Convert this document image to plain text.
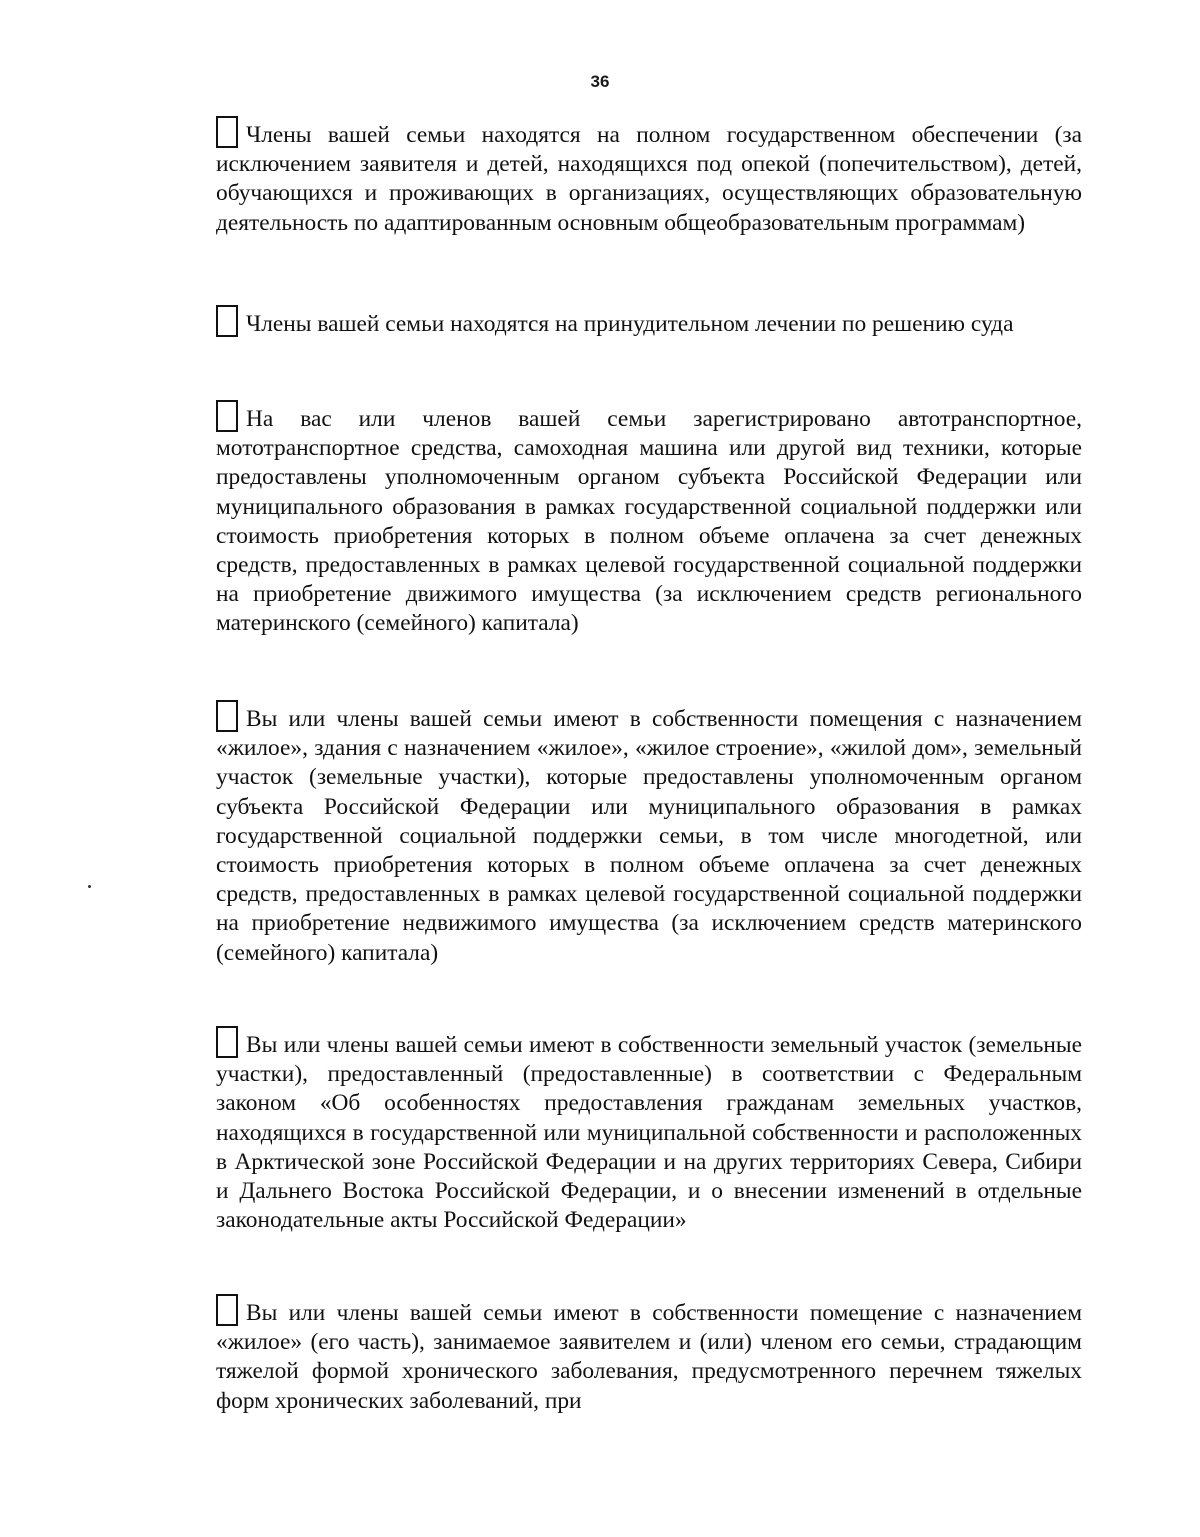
36
Члены вашей семьи находятся на полном государственном обеспечении (за исключением заявителя и детей, находящихся под опекой (попечительством), детей, обучающихся и проживающих в организациях, осуществляющих образовательную деятельность по адаптированным основным общеобразовательным программам)
Члены вашей семьи находятся на принудительном лечении по решению суда
На вас или членов вашей семьи зарегистрировано автотранспортное, мототранспортное средства, самоходная машина или другой вид техники, которые предоставлены уполномоченным органом субъекта Российской Федерации или муниципального образования в рамках государственной социальной поддержки или стоимость приобретения которых в полном объеме оплачена за счет денежных средств, предоставленных в рамках целевой государственной социальной поддержки на приобретение движимого имущества (за исключением средств регионального материнского (семейного) капитала)
Вы или члены вашей семьи имеют в собственности помещения с назначением «жилое», здания с назначением «жилое», «жилое строение», «жилой дом», земельный участок (земельные участки), которые предоставлены уполномоченным органом субъекта Российской Федерации или муниципального образования в рамках государственной социальной поддержки семьи, в том числе многодетной, или стоимость приобретения которых в полном объеме оплачена за счет денежных средств, предоставленных в рамках целевой государственной социальной поддержки на приобретение недвижимого имущества (за исключением средств материнского (семейного) капитала)
Вы или члены вашей семьи имеют в собственности земельный участок (земельные участки), предоставленный (предоставленные) в соответствии с Федеральным законом «Об особенностях предоставления гражданам земельных участков, находящихся в государственной или муниципальной собственности и расположенных в Арктической зоне Российской Федерации и на других территориях Севера, Сибири и Дальнего Востока Российской Федерации, и о внесении изменений в отдельные законодательные акты Российской Федерации»
Вы или члены вашей семьи имеют в собственности помещение с назначением «жилое» (его часть), занимаемое заявителем и (или) членом его семьи, страдающим тяжелой формой хронического заболевания, предусмотренного перечнем тяжелых форм хронических заболеваний, при
